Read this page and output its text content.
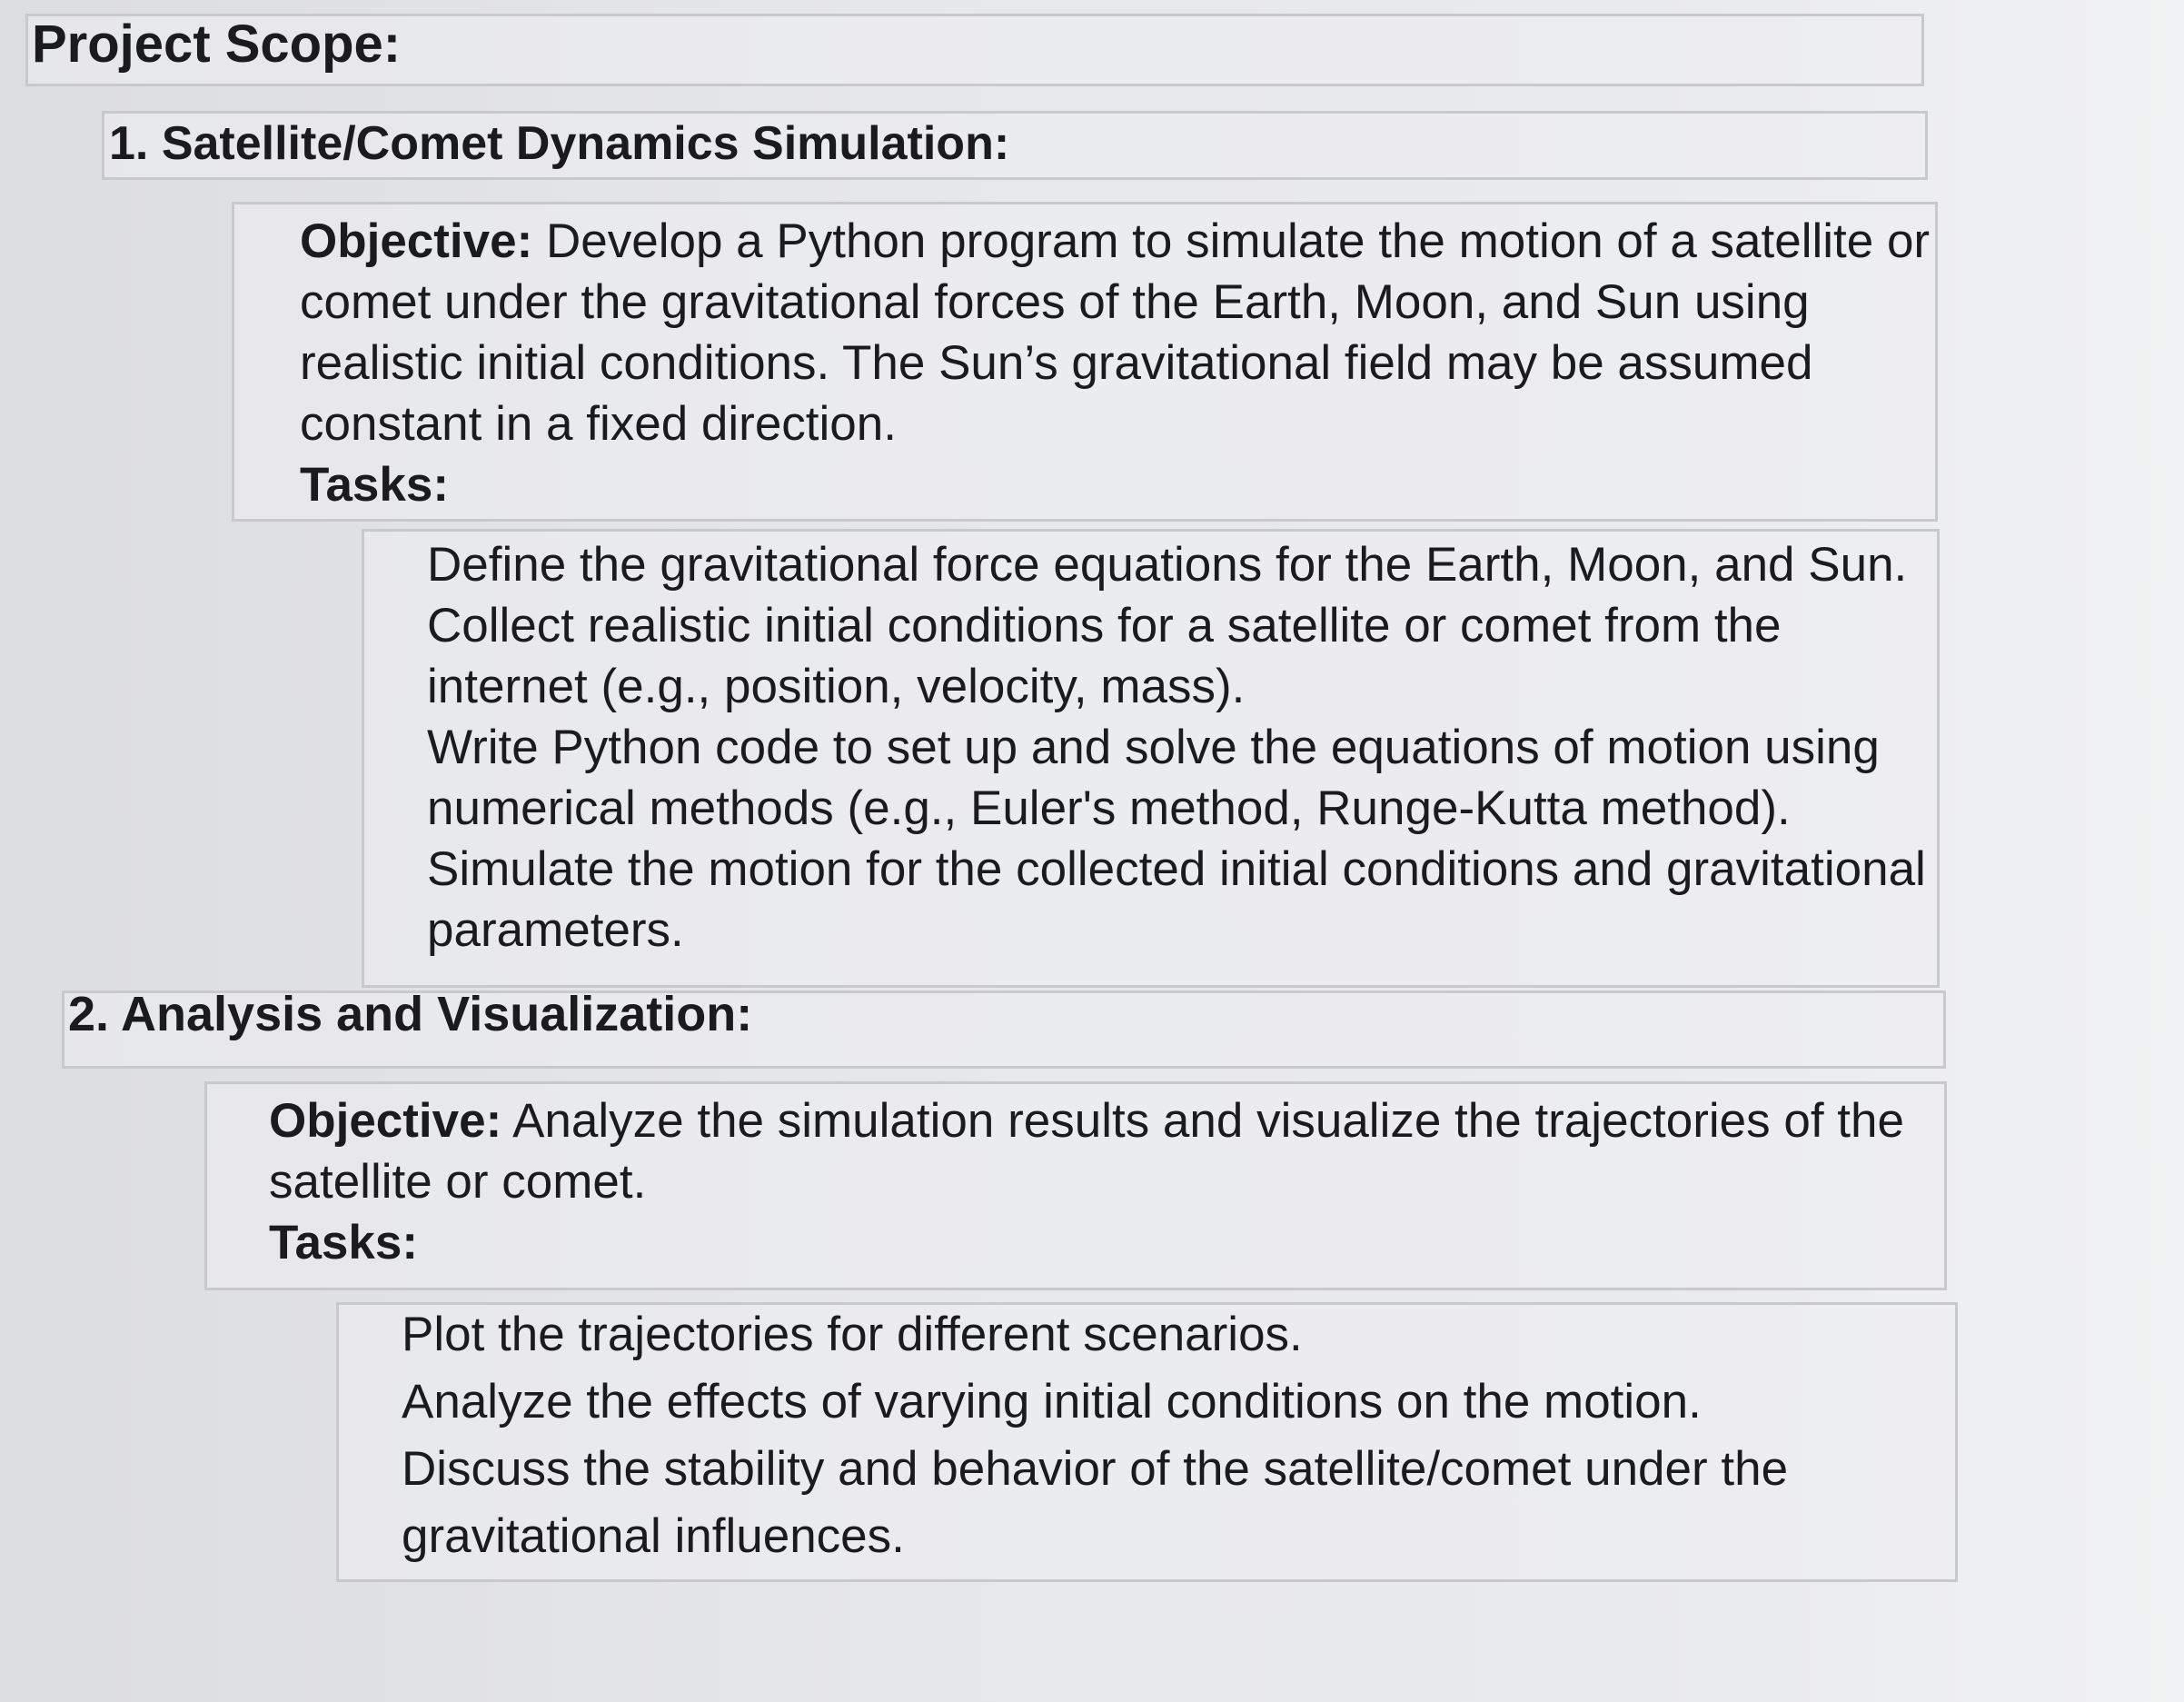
Project Scope:
1. Satellite/Comet Dynamics Simulation:
Objective: Develop a Python program to simulate the motion of a satellite or
comet under the gravitational forces of the Earth, Moon, and Sun using
realistic initial conditions. The Sun’s gravitational field may be assumed
constant in a fixed direction.
Tasks:
Define the gravitational force equations for the Earth, Moon, and Sun.
Collect realistic initial conditions for a satellite or comet from the
internet (e.g., position, velocity, mass).
Write Python code to set up and solve the equations of motion using
numerical methods (e.g., Euler's method, Runge-Kutta method).
Simulate the motion for the collected initial conditions and gravitational
parameters.
2. Analysis and Visualization:
Objective: Analyze the simulation results and visualize the trajectories of the
satellite or comet.
Tasks:
Plot the trajectories for different scenarios.
Analyze the effects of varying initial conditions on the motion.
Discuss the stability and behavior of the satellite/comet under the
gravitational influences.
